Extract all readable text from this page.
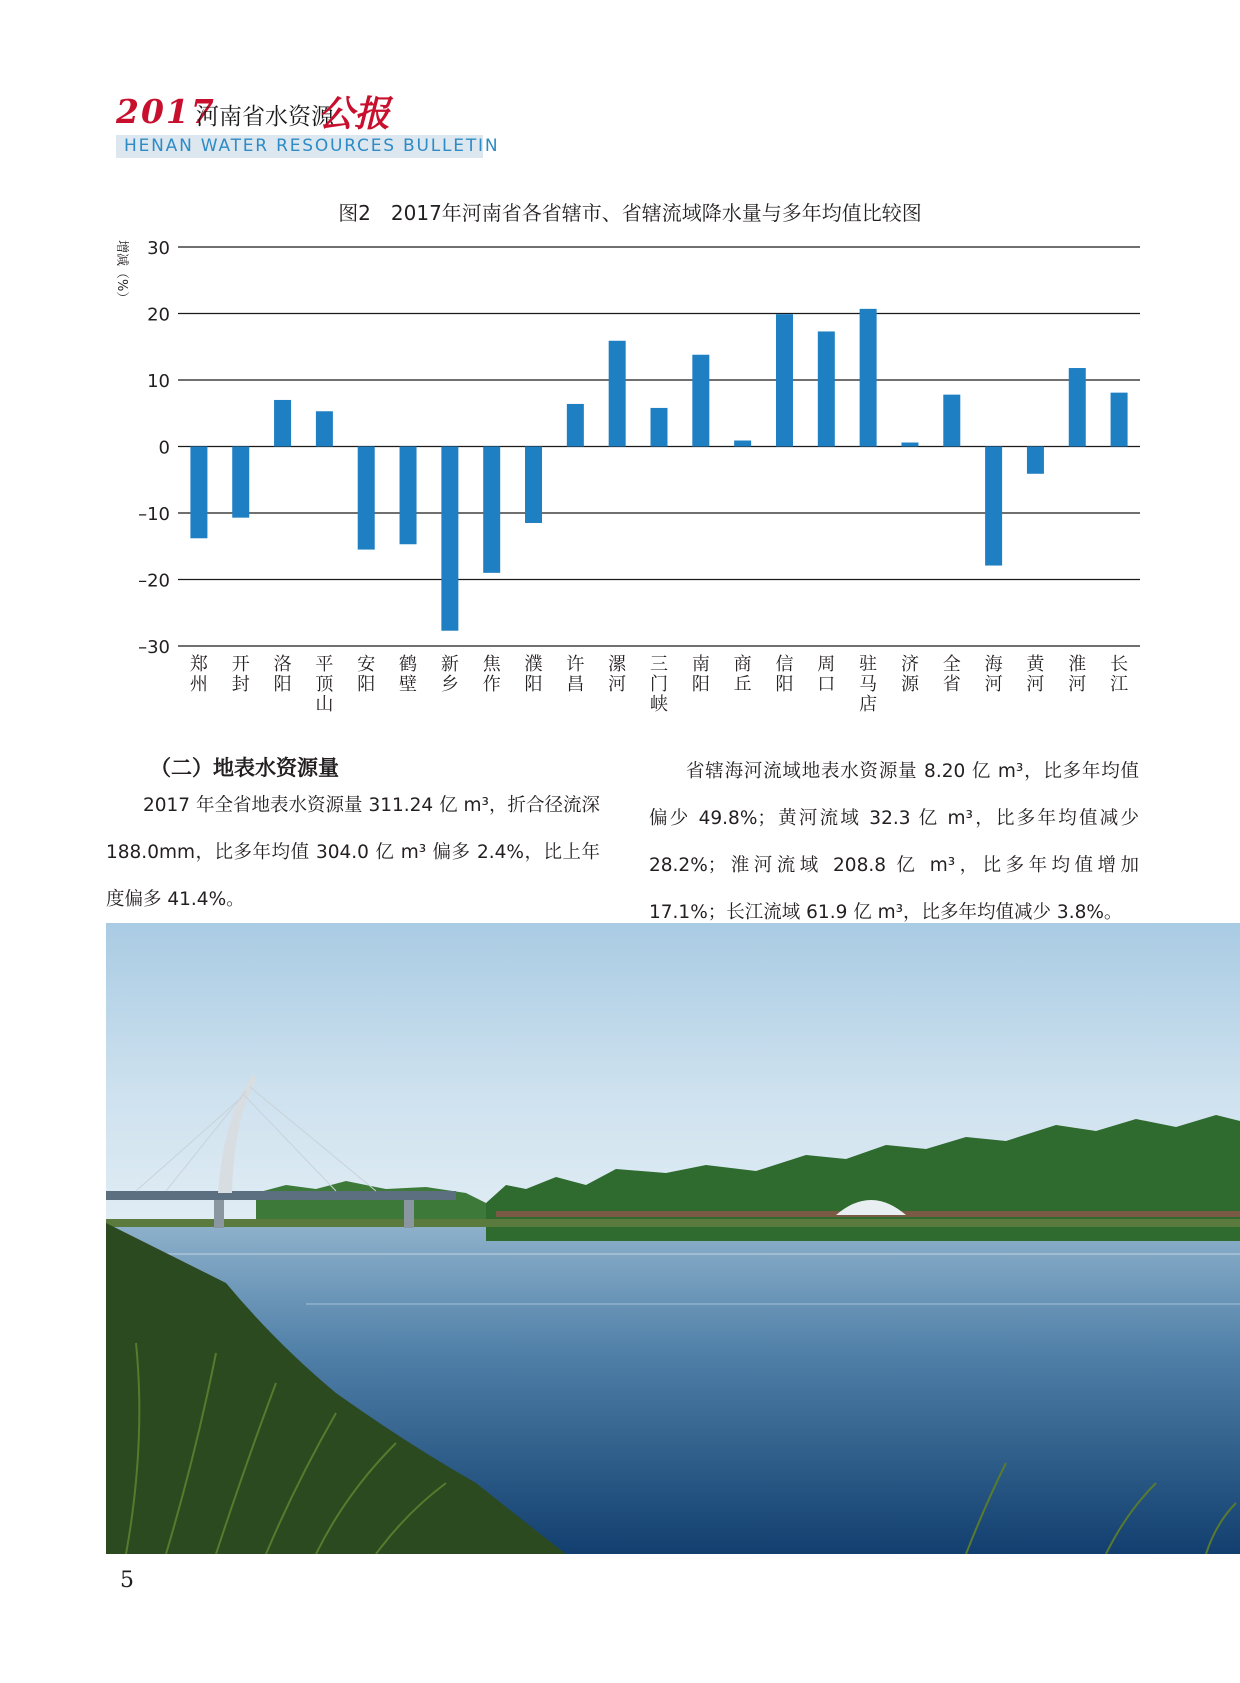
2017
河南省水资源
公报
HENAN WATER RESOURCES BULLETIN
图2　2017年河南省各省辖市、省辖流域降水量与多年均值比较图
30
20
10
0
–10
–20
–30
增减（%）
郑州
开封
洛阳
平顶山
安阳
鹤壁
新乡
焦作
濮阳
许昌
漯河
三门峡
南阳
商丘
信阳
周口
驻马店
济源
全省
海河
黄河
淮河
长江
（二）地表水资源量

2017 年全省地表水资源量 311.24 亿 m³，折合径流深 188.0mm，比多年均值 304.0 亿 m³ 偏多 2.4%，比上年度偏多 41.4%。

省辖海河流域地表水资源量 8.20 亿 m³，比多年均值偏少 49.8%；黄河流域 32.3 亿 m³，比多年均值减少 28.2%；淮河流域 208.8 亿 m³，比多年均值增加 17.1%；长江流域 61.9 亿 m³，比多年均值减少 3.8%。

5
